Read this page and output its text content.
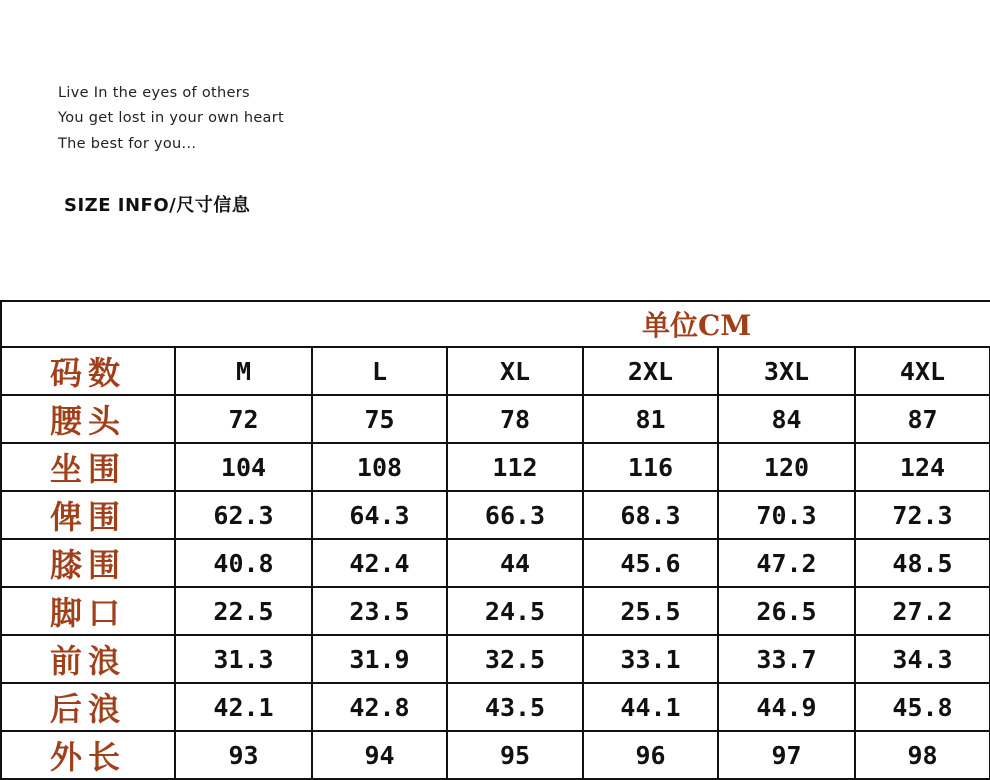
Live In the eyes of others
You get lost in your own heart
The best for you...
SIZE INFO/尺寸信息
单位CM							
码数	M	L	XL	2XL	3XL	4XL	
腰头	72	75	78	81	84	87	
坐围	104	108	112	116	120	124	
俾围	62.3	64.3	66.3	68.3	70.3	72.3	
膝围	40.8	42.4	44	45.6	47.2	48.5	
脚口	22.5	23.5	24.5	25.5	26.5	27.2	
前浪	31.3	31.9	32.5	33.1	33.7	34.3	
后浪	42.1	42.8	43.5	44.1	44.9	45.8	
外长	93	94	95	96	97	98	
